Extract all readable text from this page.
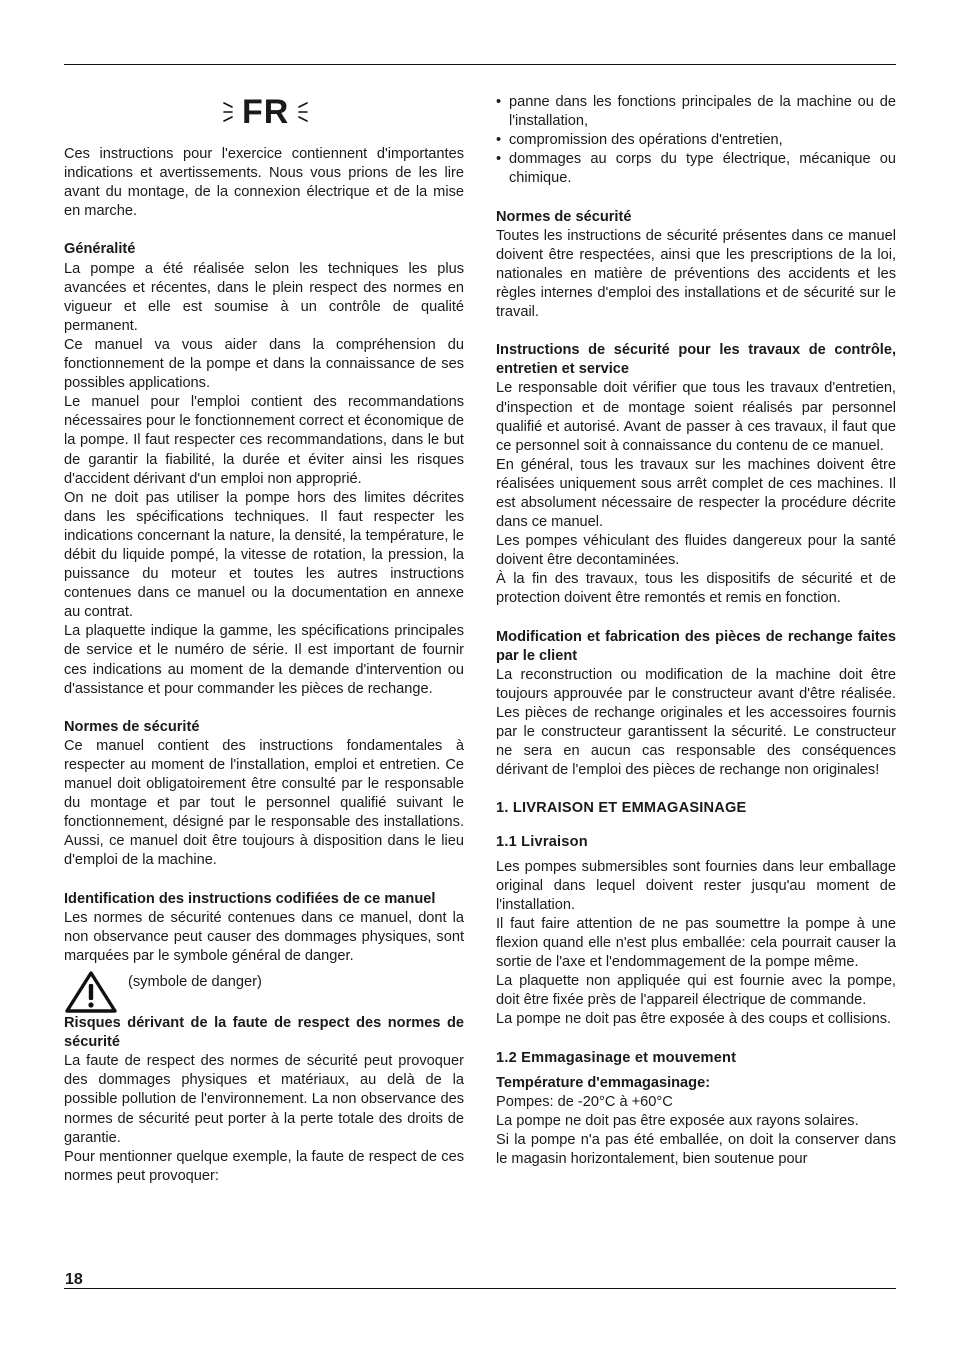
FR

Ces instructions pour l'exercice contiennent d'importantes indications et avertissements. Nous vous prions de les lire avant du montage, de la connexion électrique et de la mise en marche.

Généralité

La pompe a été réalisée selon les techniques les plus avancées et récentes, dans le plein respect des normes en vigueur et elle est soumise à un contrôle de qualité permanent.

Ce manuel va vous aider dans la compréhension du fonctionnement de la pompe et dans la connaissance de ses possibles applications.

Le manuel pour l'emploi contient des recommandations nécessaires pour le fonctionnement correct et économique de la pompe. Il faut respecter ces recommandations, dans le but de garantir la fiabilité, la durée et éviter ainsi les risques d'accident dérivant d'un emploi non approprié.

On ne doit pas utiliser la pompe hors des limites décrites dans les spécifications techniques. Il faut respecter les indications concernant la nature, la densité, la température, le débit du liquide pompé, la vitesse de rotation, la pression, la puissance du moteur et toutes les autres instructions contenues dans ce manuel ou la documentation en annexe au contrat.

La plaquette indique la gamme, les spécifications principales de service et le numéro de série. Il est important de fournir ces indications au moment de la demande d'intervention ou d'assistance et pour commander les pièces de rechange.

Normes de sécurité

Ce manuel contient des instructions fondamentales à respecter au moment de l'installation, emploi et entretien. Ce manuel doit obligatoirement être consulté par le responsable du montage et par tout le personnel qualifié suivant le fonctionnement, désigné par le responsable des installations. Aussi, ce manuel doit être toujours à disposition dans le lieu d'emploi de la machine.

Identification des instructions codifiées de ce manuel

Les normes de sécurité contenues dans ce manuel, dont la non observance peut causer des dommages physiques, sont marquées par le symbole général de danger.

(symbole de danger)

Risques dérivant de la faute de respect des normes de sécurité

La faute de respect des normes de sécurité peut provoquer des dommages physiques et matériaux, au delà de la possible pollution de l'environnement. La non observance des normes de sécurité peut porter à la perte totale des droits de garantie.

Pour mentionner quelque exemple, la faute de respect de ces normes peut provoquer:

• panne dans les fonctions principales de la machine ou de l'installation,
• compromission des opérations d'entretien,
• dommages au corps du type électrique, mécanique ou chimique.

Normes de sécurité

Toutes les instructions de sécurité présentes dans ce manuel doivent être respectées, ainsi que les prescriptions de la loi, nationales en matière de préventions des accidents et les règles internes d'emploi des installations et de sécurité sur le travail.

Instructions de sécurité pour les travaux de contrôle, entretien et service

Le responsable doit vérifier que tous les travaux d'entretien, d'inspection et de montage soient réalisés par personnel qualifié et autorisé. Avant de passer à ces travaux, il faut que ce personnel soit à connaissance du contenu de ce manuel.

En général, tous les travaux sur les machines doivent être réalisées uniquement sous arrêt complet de ces machines. Il est absolument nécessaire de respecter la procédure décrite dans ce manuel.

Les pompes véhiculant des fluides dangereux pour la santé doivent être decontaminées.

À la fin des travaux, tous les dispositifs de sécurité et de protection doivent être remontés et remis en fonction.

Modification et fabrication des pièces de rechange faites par le client

La reconstruction ou modification de la machine doit être toujours approuvée par le constructeur avant d'être réalisée. Les pièces de rechange originales et les accessoires fournis par le constructeur garantissent la sécurité. Le constructeur ne sera en aucun cas responsable des conséquences dérivant de l'emploi des pièces de rechange non originales!

1. LIVRAISON ET EMMAGASINAGE

1.1 Livraison

Les pompes submersibles sont fournies dans leur emballage original dans lequel doivent rester jusqu'au moment de l'installation.

Il faut faire attention de ne pas soumettre la pompe à une flexion quand elle n'est plus emballée: cela pourrait causer la sortie de l'axe et l'endommagement de la pompe même.

La plaquette non appliquée qui est fournie avec la pompe, doit être fixée près de l'appareil électrique de commande.

La pompe ne doit pas être exposée à des coups et collisions.

1.2 Emmagasinage et mouvement

Température d'emmagasinage:

Pompes: de -20°C à +60°C

La pompe ne doit pas être exposée aux rayons solaires.

Si la pompe n'a pas été emballée, on doit la conserver dans le magasin horizontalement, bien soutenue pour

18
